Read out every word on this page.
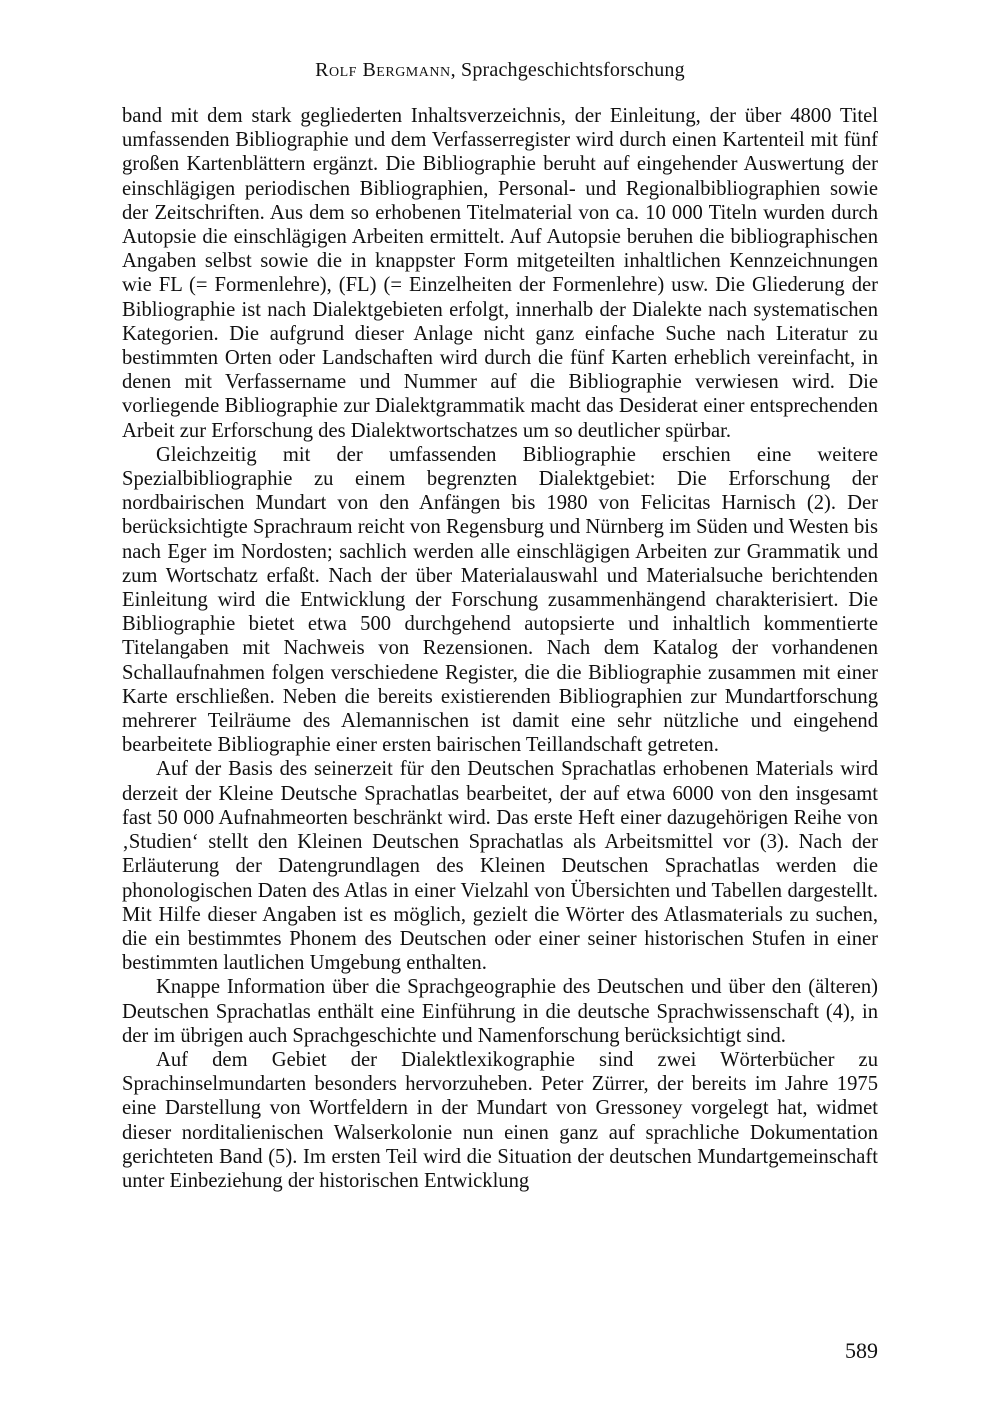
Rolf Bergmann, Sprachgeschichtsforschung

band mit dem stark gegliederten Inhaltsverzeichnis, der Einleitung, der über 4800 Titel umfassenden Bibliographie und dem Verfasserregister wird durch einen Kartenteil mit fünf großen Kartenblättern ergänzt. Die Bibliographie beruht auf eingehender Auswertung der einschlägigen periodischen Bibliographien, Personal- und Regionalbibliographien sowie der Zeitschriften. Aus dem so erhobenen Titelmaterial von ca. 10 000 Titeln wurden durch Autopsie die einschlägigen Arbeiten ermittelt. Auf Autopsie beruhen die bibliographischen Angaben selbst sowie die in knappster Form mitgeteilten inhaltlichen Kennzeichnungen wie FL (= Formenlehre), (FL) (= Einzelheiten der Formenlehre) usw. Die Gliederung der Bibliographie ist nach Dialektgebieten erfolgt, innerhalb der Dialekte nach systematischen Kategorien. Die aufgrund dieser Anlage nicht ganz einfache Suche nach Literatur zu bestimmten Orten oder Landschaften wird durch die fünf Karten erheblich vereinfacht, in denen mit Verfassername und Nummer auf die Bibliographie verwiesen wird. Die vorliegende Bibliographie zur Dialektgrammatik macht das Desiderat einer entsprechenden Arbeit zur Erforschung des Dialektwortschatzes um so deutlicher spürbar.

Gleichzeitig mit der umfassenden Bibliographie erschien eine weitere Spezialbibliographie zu einem begrenzten Dialektgebiet: Die Erforschung der nordbairischen Mundart von den Anfängen bis 1980 von Felicitas Harnisch (2). Der berücksichtigte Sprachraum reicht von Regensburg und Nürnberg im Süden und Westen bis nach Eger im Nordosten; sachlich werden alle einschlägigen Arbeiten zur Grammatik und zum Wortschatz erfaßt. Nach der über Materialauswahl und Materialsuche berichtenden Einleitung wird die Entwicklung der Forschung zusammenhängend charakterisiert. Die Bibliographie bietet etwa 500 durchgehend autopsierte und inhaltlich kommentierte Titelangaben mit Nachweis von Rezensionen. Nach dem Katalog der vorhandenen Schallaufnahmen folgen verschiedene Register, die die Bibliographie zusammen mit einer Karte erschließen. Neben die bereits existierenden Bibliographien zur Mundartforschung mehrerer Teilräume des Alemannischen ist damit eine sehr nützliche und eingehend bearbeitete Bibliographie einer ersten bairischen Teillandschaft getreten.

Auf der Basis des seinerzeit für den Deutschen Sprachatlas erhobenen Materials wird derzeit der Kleine Deutsche Sprachatlas bearbeitet, der auf etwa 6000 von den insgesamt fast 50 000 Aufnahmeorten beschränkt wird. Das erste Heft einer dazugehörigen Reihe von ‚Studien‘ stellt den Kleinen Deutschen Sprachatlas als Arbeitsmittel vor (3). Nach der Erläuterung der Datengrundlagen des Kleinen Deutschen Sprachatlas werden die phonologischen Daten des Atlas in einer Vielzahl von Übersichten und Tabellen dargestellt. Mit Hilfe dieser Angaben ist es möglich, gezielt die Wörter des Atlasmaterials zu suchen, die ein bestimmtes Phonem des Deutschen oder einer seiner historischen Stufen in einer bestimmten lautlichen Umgebung enthalten.

Knappe Information über die Sprachgeographie des Deutschen und über den (älteren) Deutschen Sprachatlas enthält eine Einführung in die deutsche Sprachwissenschaft (4), in der im übrigen auch Sprachgeschichte und Namenforschung berücksichtigt sind.

Auf dem Gebiet der Dialektlexikographie sind zwei Wörterbücher zu Sprachinselmundarten besonders hervorzuheben. Peter Zürrer, der bereits im Jahre 1975 eine Darstellung von Wortfeldern in der Mundart von Gressoney vorgelegt hat, widmet dieser norditalienischen Walserkolonie nun einen ganz auf sprachliche Dokumentation gerichteten Band (5). Im ersten Teil wird die Situation der deutschen Mundartgemeinschaft unter Einbeziehung der historischen Entwicklung

589
